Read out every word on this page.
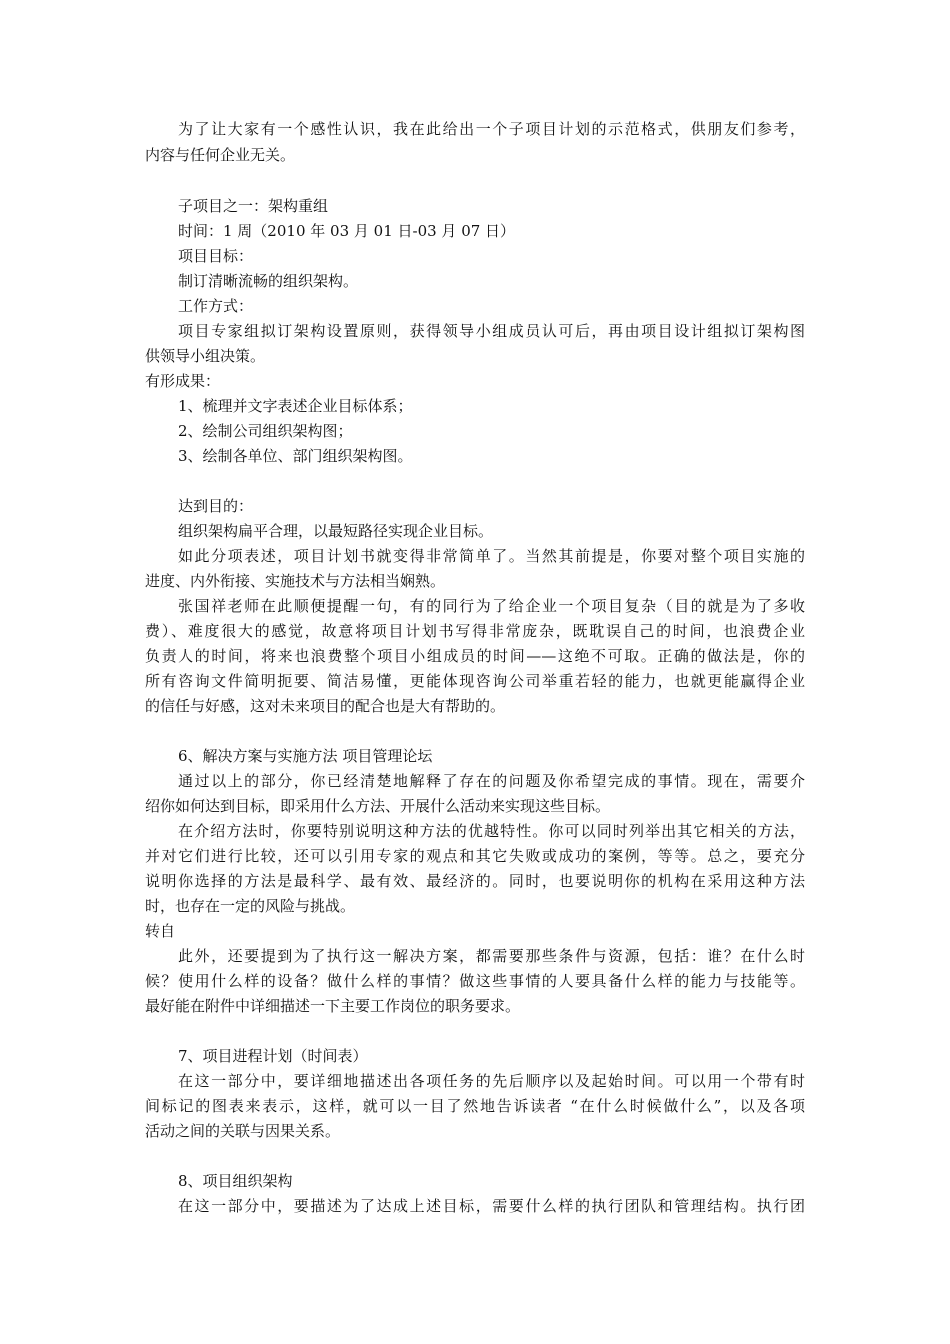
为了让大家有一个感性认识，我在此给出一个子项目计划的示范格式，供朋友们参考，
内容与任何企业无关。
子项目之一：架构重组
时间：1 周（2010 年 03 月 01 日-03 月 07 日）
项目目标：
制订清晰流畅的组织架构。
工作方式：
项目专家组拟订架构设置原则，获得领导小组成员认可后，再由项目设计组拟订架构图
供领导小组决策。
有形成果：
1、梳理并文字表述企业目标体系；
2、绘制公司组织架构图；
3、绘制各单位、部门组织架构图。
达到目的：
组织架构扁平合理，以最短路径实现企业目标。
如此分项表述，项目计划书就变得非常简单了。当然其前提是，你要对整个项目实施的
进度、内外衔接、实施技术与方法相当娴熟。
张国祥老师在此顺便提醒一句，有的同行为了给企业一个项目复杂（目的就是为了多收
费）、难度很大的感觉，故意将项目计划书写得非常庞杂，既耽误自己的时间，也浪费企业
负责人的时间，将来也浪费整个项目小组成员的时间——这绝不可取。正确的做法是，你的
所有咨询文件简明扼要、简洁易懂，更能体现咨询公司举重若轻的能力，也就更能赢得企业
的信任与好感，这对未来项目的配合也是大有帮助的。
6、解决方案与实施方法 项目管理论坛
通过以上的部分，你已经清楚地解释了存在的问题及你希望完成的事情。现在，需要介
绍你如何达到目标，即采用什么方法、开展什么活动来实现这些目标。
在介绍方法时，你要特别说明这种方法的优越特性。你可以同时列举出其它相关的方法，
并对它们进行比较，还可以引用专家的观点和其它失败或成功的案例，等等。总之，要充分
说明你选择的方法是最科学、最有效、最经济的。同时，也要说明你的机构在采用这种方法
时，也存在一定的风险与挑战。
转自
此外，还要提到为了执行这一解决方案，都需要那些条件与资源，包括：谁？在什么时
候？使用什么样的设备？做什么样的事情？做这些事情的人要具备什么样的能力与技能等。
最好能在附件中详细描述一下主要工作岗位的职务要求。
7、项目进程计划（时间表）
在这一部分中，要详细地描述出各项任务的先后顺序以及起始时间。可以用一个带有时
间标记的图表来表示，这样，就可以一目了然地告诉读者 “在什么时候做什么”，以及各项
活动之间的关联与因果关系。
8、项目组织架构
在这一部分中，要描述为了达成上述目标，需要什么样的执行团队和管理结构。执行团
